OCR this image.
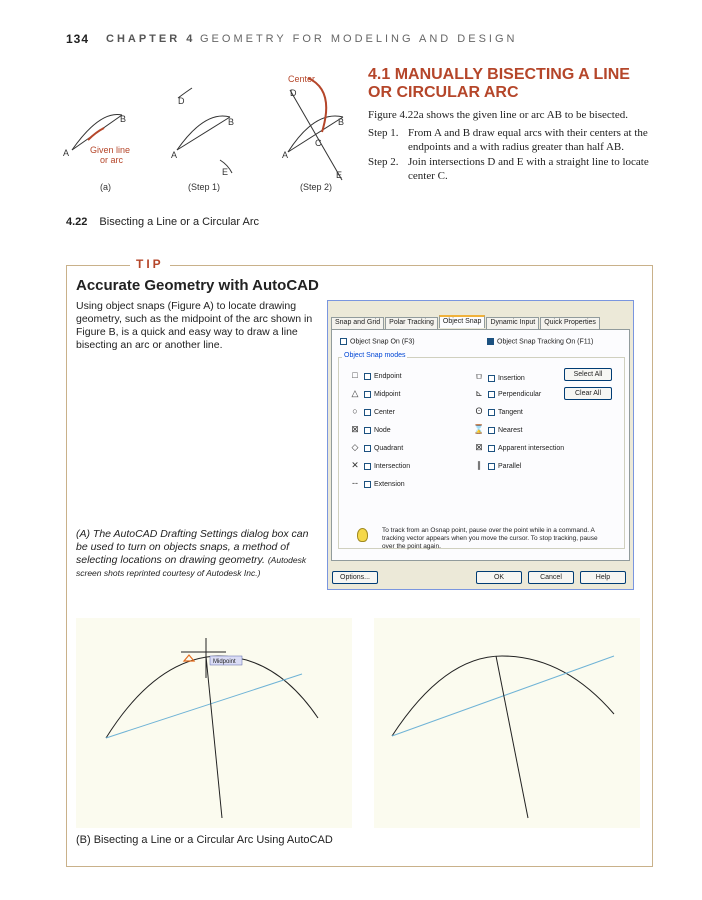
134 CHAPTER 4 GEOMETRY FOR MODELING AND DESIGN
A
B
A
B
D
E
A
B
D
C
E
Center
Given line
or arc
(a)	(Step 1)	(Step 2)
4.22 Bisecting a Line or a Circular Arc
4.1 MANUALLY BISECTING A LINE
OR CIRCULAR ARC
Figure 4.22a shows the given line or arc AB to be bisected.
Step 1. From A and B draw equal arcs with their centers at the endpoints and a with radius greater than half AB.
Step 2. Join intersections D and E with a straight line to locate center C.
TIP
Accurate Geometry with AutoCAD
Using object snaps (Figure A) to locate drawing geometry, such as the midpoint of the arc shown in Figure B, is a quick and easy way to draw a line bisecting an arc or another line.
Snap and Grid	Polar Tracking	Object Snap	Dynamic Input	Quick Properties
Object Snap On (F3)	Object Snap Tracking On (F11)
Object Snap modes
□ Endpoint
△ Midpoint
○ Center
⊠ Node
◇ Quadrant
✕ Intersection
-- Extension
ㅁ Insertion
⊾ Perpendicular
ʘ Tangent
⌛ Nearest
⊠ Apparent intersection
∥ Parallel
Select All
Clear All
To track from an Osnap point, pause over the point while in a command. A tracking vector appears when you move the cursor. To stop tracking, pause over the point again.
Options...	OK	Cancel	Help
(A) The AutoCAD Drafting Settings dialog box can be used to turn on objects snaps, a method of selecting locations on drawing geometry. (Autodesk screen shots reprinted courtesy of Autodesk Inc.)
Midpoint
(B) Bisecting a Line or a Circular Arc Using AutoCAD
